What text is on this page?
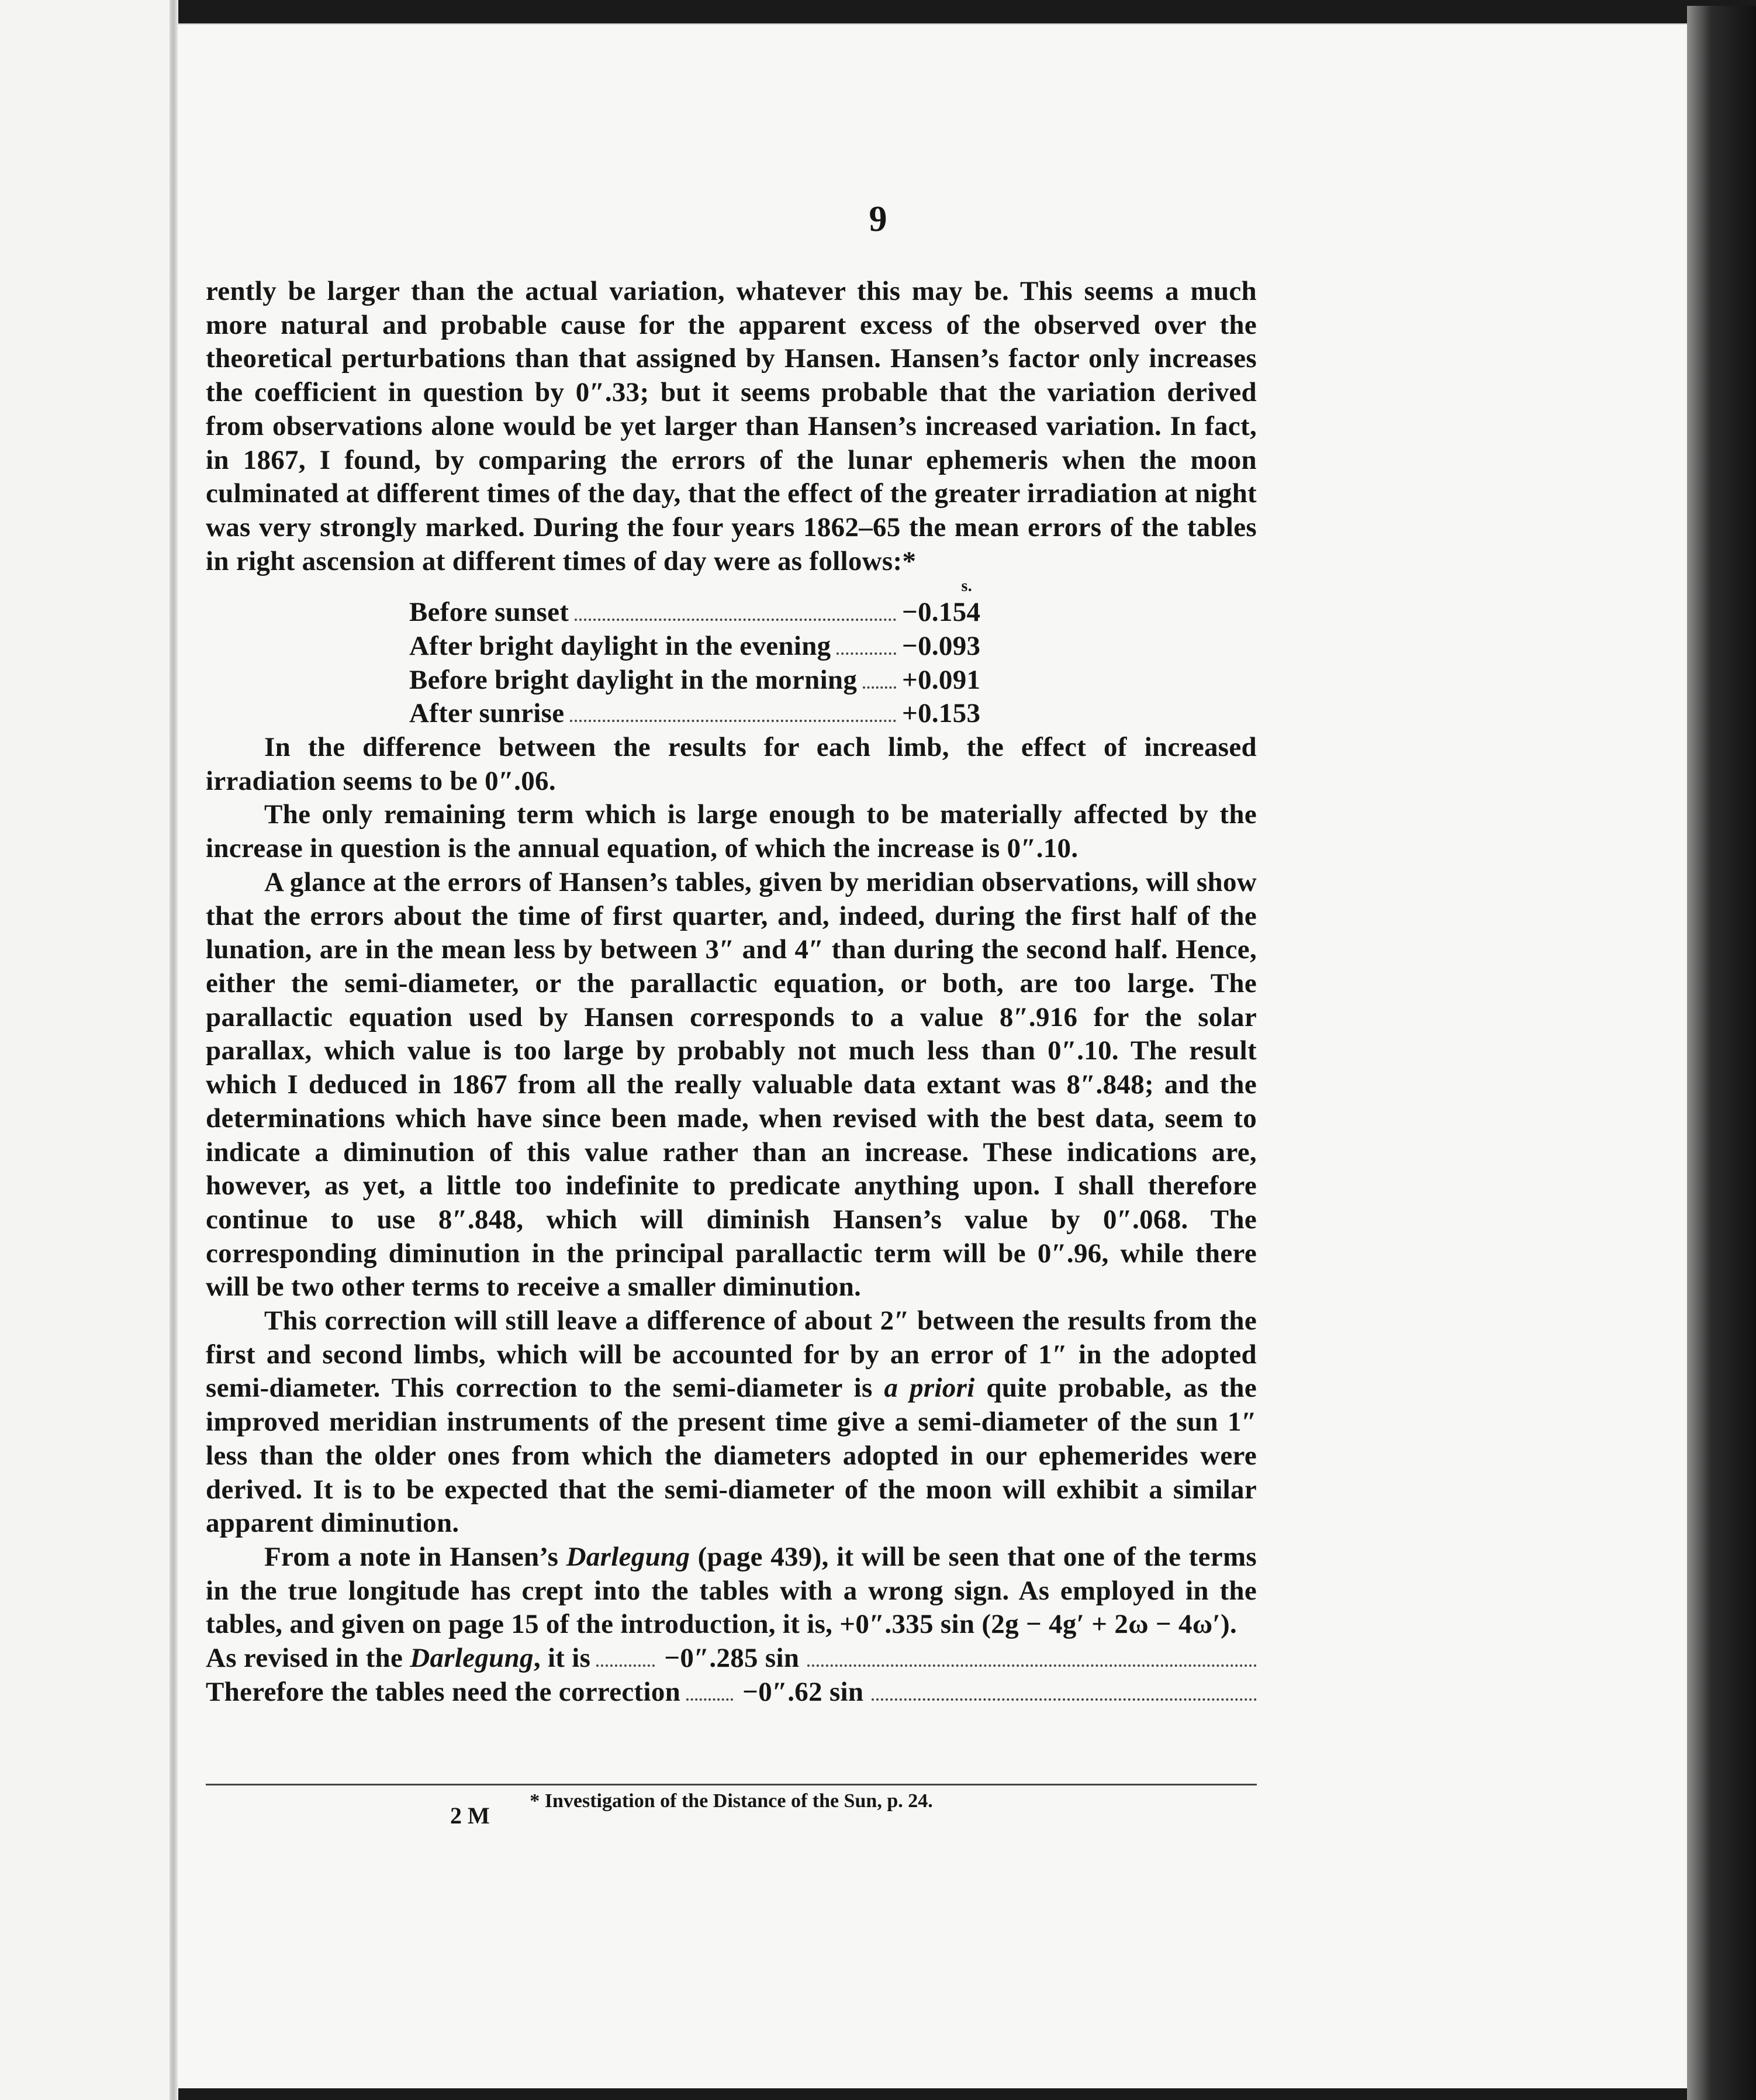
9

rently be larger than the actual variation, whatever this may be. This seems a much more natural and probable cause for the apparent excess of the observed over the theoretical perturbations than that assigned by Hansen. Hansen’s factor only increases the coefficient in question by 0″.33; but it seems probable that the variation derived from observations alone would be yet larger than Hansen’s increased variation. In fact, in 1867, I found, by comparing the errors of the lunar ephemeris when the moon culminated at different times of the day, that the effect of the greater irradiation at night was very strongly marked. During the four years 1862–65 the mean errors of the tables in right ascension at different times of day were as follows:*

s.
Before sunset	−0.154
After bright daylight in the evening	−0.093
Before bright daylight in the morning +0.091
After sunrise	+0.153

In the difference between the results for each limb, the effect of increased irradiation seems to be 0″.06.

The only remaining term which is large enough to be materially affected by the increase in question is the annual equation, of which the increase is 0″.10.

A glance at the errors of Hansen’s tables, given by meridian observations, will show that the errors about the time of first quarter, and, indeed, during the first half of the lunation, are in the mean less by between 3″ and 4″ than during the second half. Hence, either the semi-diameter, or the parallactic equation, or both, are too large. The parallactic equation used by Hansen corresponds to a value 8″.916 for the solar parallax, which value is too large by probably not much less than 0″.10. The result which I deduced in 1867 from all the really valuable data extant was 8″.848; and the determinations which have since been made, when revised with the best data, seem to indicate a diminution of this value rather than an increase. These indications are, however, as yet, a little too indefinite to predicate anything upon. I shall therefore continue to use 8″.848, which will diminish Hansen’s value by 0″.068. The corresponding diminution in the principal parallactic term will be 0″.96, while there will be two other terms to receive a smaller diminution.

This correction will still leave a difference of about 2″ between the results from the first and second limbs, which will be accounted for by an error of 1″ in the adopted semi-diameter. This correction to the semi-diameter is a priori quite probable, as the improved meridian instruments of the present time give a semi-diameter of the sun 1″ less than the older ones from which the diameters adopted in our ephemerides were derived. It is to be expected that the semi-diameter of the moon will exhibit a similar apparent diminution.

From a note in Hansen’s Darlegung (page 439), it will be seen that one of the terms in the true longitude has crept into the tables with a wrong sign. As employed in the tables, and given on page 15 of the introduction, it is, +0″.335 sin (2g − 4g′ + 2ω − 4ω′).

As revised in the Darlegung, it is	−0″.285 sin
Therefore the tables need the correction −0″.62 sin
* Investigation of the Distance of the Sun, p. 24.
2 M
